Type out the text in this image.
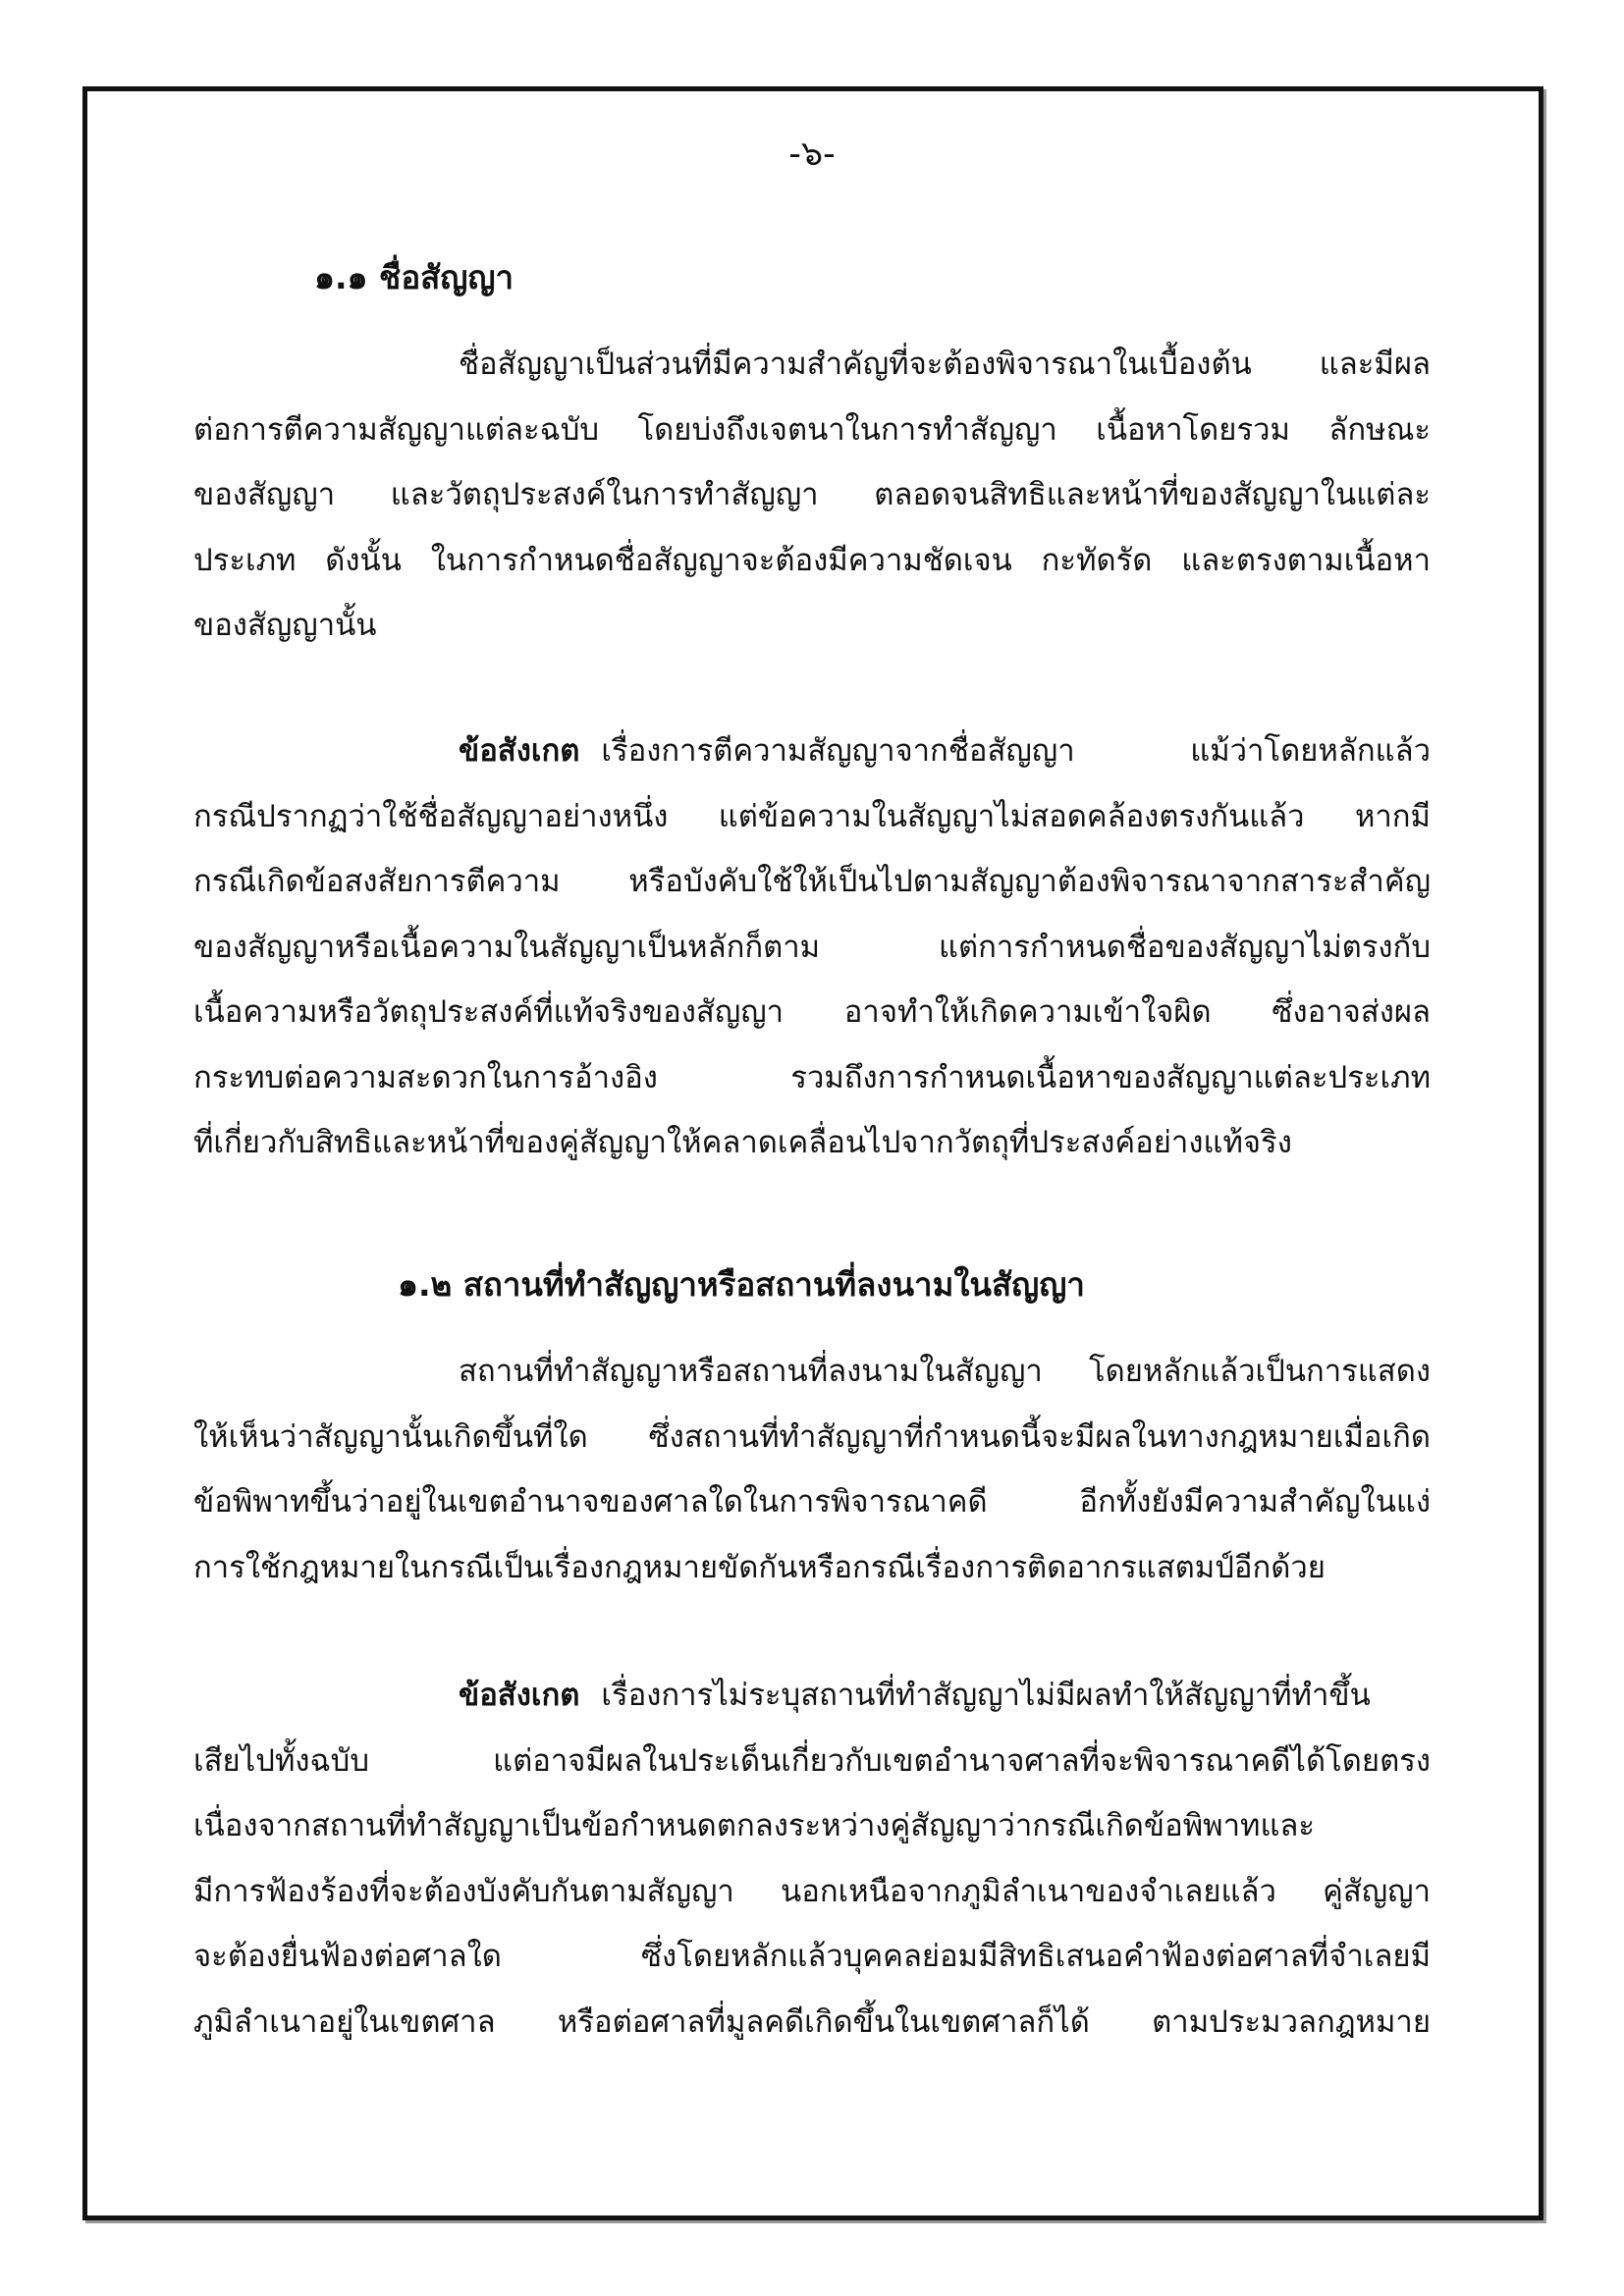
-๖-
๑.๑ ชื่อสัญญา
ชื่อสัญญาเป็นส่วนที่มีความสำคัญที่จะต้องพิจารณาในเบื้องต้น และมีผล
ต่อการตีความสัญญาแต่ละฉบับ โดยบ่งถึงเจตนาในการทำสัญญา เนื้อหาโดยรวม ลักษณะ
ของสัญญา และวัตถุประสงค์ในการทำสัญญา ตลอดจนสิทธิและหน้าที่ของสัญญาในแต่ละ
ประเภท ดังนั้น ในการกำหนดชื่อสัญญาจะต้องมีความชัดเจน กะทัดรัด และตรงตามเนื้อหา
ของสัญญานั้น
ข้อสังเกต เรื่องการตีความสัญญาจากชื่อสัญญา แม้ว่าโดยหลักแล้ว
กรณีปรากฏว่าใช้ชื่อสัญญาอย่างหนึ่ง แต่ข้อความในสัญญาไม่สอดคล้องตรงกันแล้ว หากมี
กรณีเกิดข้อสงสัยการตีความ หรือบังคับใช้ให้เป็นไปตามสัญญาต้องพิจารณาจากสาระสำคัญ
ของสัญญาหรือเนื้อความในสัญญาเป็นหลักก็ตาม แต่การกำหนดชื่อของสัญญาไม่ตรงกับ
เนื้อความหรือวัตถุประสงค์ที่แท้จริงของสัญญา อาจทำให้เกิดความเข้าใจผิด ซึ่งอาจส่งผล
กระทบต่อความสะดวกในการอ้างอิง รวมถึงการกำหนดเนื้อหาของสัญญาแต่ละประเภท
ที่เกี่ยวกับสิทธิและหน้าที่ของคู่สัญญาให้คลาดเคลื่อนไปจากวัตถุที่ประสงค์อย่างแท้จริง
๑.๒ สถานที่ทำสัญญาหรือสถานที่ลงนามในสัญญา
สถานที่ทำสัญญาหรือสถานที่ลงนามในสัญญา โดยหลักแล้วเป็นการแสดง
ให้เห็นว่าสัญญานั้นเกิดขึ้นที่ใด ซึ่งสถานที่ทำสัญญาที่กำหนดนี้จะมีผลในทางกฎหมายเมื่อเกิด
ข้อพิพาทขึ้นว่าอยู่ในเขตอำนาจของศาลใดในการพิจารณาคดี อีกทั้งยังมีความสำคัญในแง่
การใช้กฎหมายในกรณีเป็นเรื่องกฎหมายขัดกันหรือกรณีเรื่องการติดอากรแสตมป์อีกด้วย
ข้อสังเกต เรื่องการไม่ระบุสถานที่ทำสัญญาไม่มีผลทำให้สัญญาที่ทำขึ้น
เสียไปทั้งฉบับ แต่อาจมีผลในประเด็นเกี่ยวกับเขตอำนาจศาลที่จะพิจารณาคดีได้โดยตรง
เนื่องจากสถานที่ทำสัญญาเป็นข้อกำหนดตกลงระหว่างคู่สัญญาว่ากรณีเกิดข้อพิพาทและ
มีการฟ้องร้องที่จะต้องบังคับกันตามสัญญา นอกเหนือจากภูมิลำเนาของจำเลยแล้ว คู่สัญญา
จะต้องยื่นฟ้องต่อศาลใด ซึ่งโดยหลักแล้วบุคคลย่อมมีสิทธิเสนอคำฟ้องต่อศาลที่จำเลยมี
ภูมิลำเนาอยู่ในเขตศาล หรือต่อศาลที่มูลคดีเกิดขึ้นในเขตศาลก็ได้ ตามประมวลกฎหมาย
